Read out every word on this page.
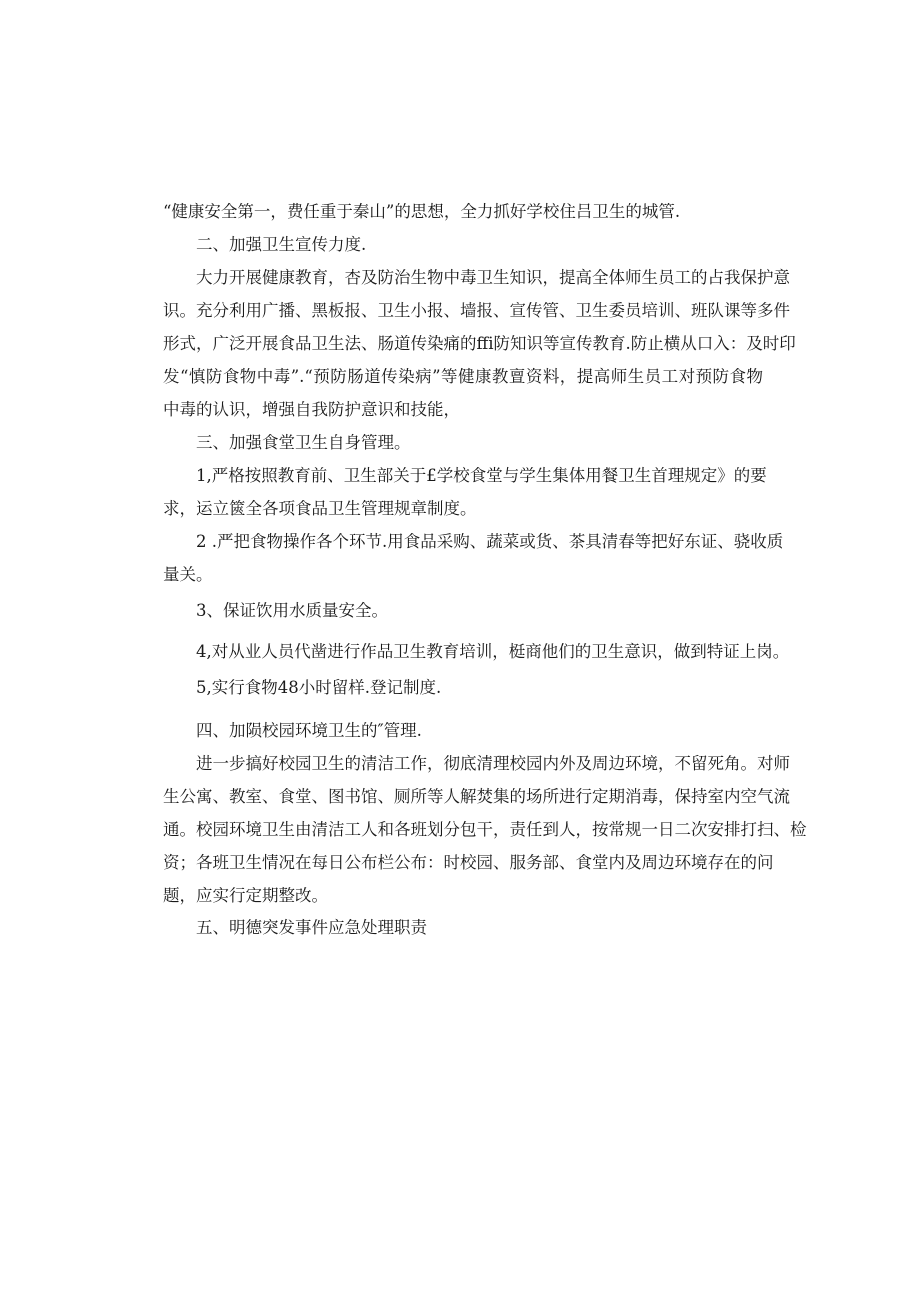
“健康安全第一，费任重于秦山”的思想，全力抓好学校住吕卫生的城管.
二、加强卫生宣传力度.
大力开展健康教育，杏及防治生物中毒卫生知识，提高全体师生员工的占我保护意
识。充分利用广播、黑板报、卫生小报、墙报、宣传管、卫生委员培训、班队课等多件
形式，广泛开展食品卫生法、肠道传染痛的ffi防知识等宣传教育.防止横从口入：及时印
发“慎防食物中毒”.“预防肠道传染病”等健康教亶资料，提高师生员工对预防食物
中毒的认识，增强自我防护意识和技能，
三、加强食堂卫生自身管理。
1,严格按照教育前、卫生部关于£学校食堂与学生集体用餐卫生首理规定》的要
求，运立篋全各项食品卫生管理规章制度。
2 .严把食物操作各个环节.用食品采购、蔬菜或货、茶具清春等把好东证、骁收质
量关。
3、保证饮用水质量安全。
4,对从业人员代凿进行作品卫生教育培训，梃商他们的卫生意识，做到特证上岗。
5,实行食物48小时留样.登记制度.
四、加陨校园环境卫生的″管理.
进一步搞好校园卫生的清洁工作，彻底清理校园内外及周边环境，不留死角。对师
生公寓、教室、食堂、图书馆、厕所等人解焚集的场所进行定期消毒，保持室内空气流
通。校园环境卫生由清洁工人和各班划分包干，责任到人，按常规一日二次安排打扫、检
资；各班卫生情况在每日公布栏公布：时校园、服务部、食堂内及周边环境存在的问
题，应实行定期整改。
五、明德突发事件应急处理职责
